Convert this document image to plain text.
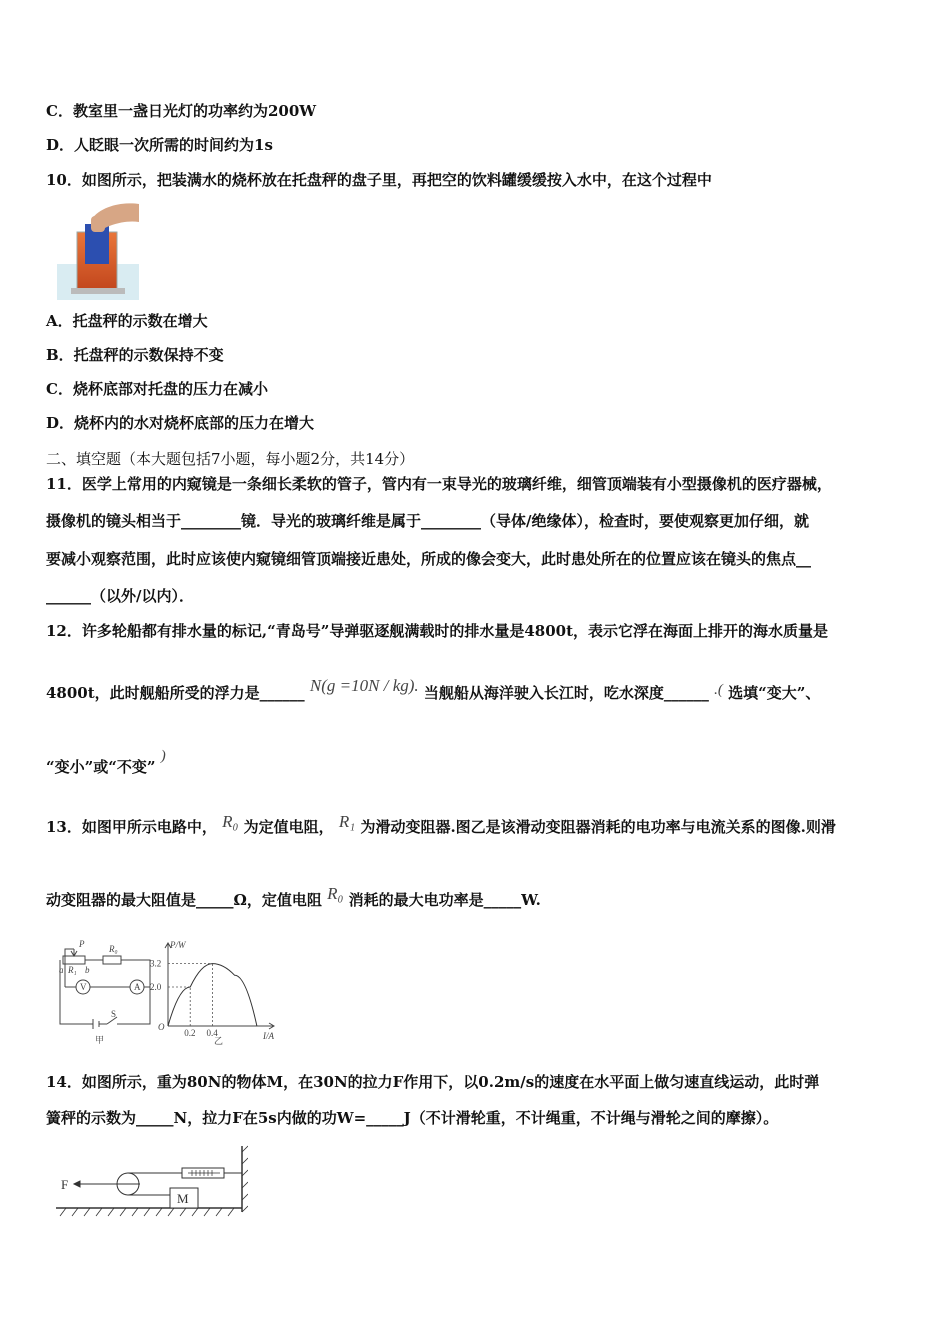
C．教室里一盏日光灯的功率约为200W
D．人眨眼一次所需的时间约为1s
10．如图所示，把装满水的烧杯放在托盘秤的盘子里，再把空的饮料罐缓缓按入水中，在这个过程中
A．托盘秤的示数在增大
B．托盘秤的示数保持不变
C．烧杯底部对托盘的压力在减小
D．烧杯内的水对烧杯底部的压力在增大
二、填空题（本大题包括7小题，每小题2分，共14分）
11．医学上常用的内窥镜是一条细长柔软的管子，管内有一束导光的玻璃纤维，细管顶端装有小型摄像机的医疗器械，
摄像机的镜头相当于________镜．导光的玻璃纤维是属于________（导体/绝缘体），检查时，要使观察更加仔细，就
要减小观察范围，此时应该使内窥镜细管顶端接近患处，所成的像会变大，此时患处所在的位置应该在镜头的焦点__
______（以外/以内）．
12．许多轮船都有排水量的标记,“青岛号”导弹驱逐舰满载时的排水量是4800t，表示它浮在海面上排开的海水质量是
4800t，此时舰船所受的浮力是______ N(g =10N / kg). 当舰船从海洋驶入长江时，吃水深度______ .( 选填“变大”、
“变小”或“不变” )
13．如图甲所示电路中， R₀ 为定值电阻， R₁ 为滑动变阻器.图乙是该滑动变阻器消耗的电功率与电流关系的图像.则滑
动变阻器的最大阻值是_____Ω，定值电阻 R₀ 消耗的最大电功率是_____W.
P	R₀
a R₁ b
V	A
S
甲
P/W
I/A
O
0.2 0.4
2.0
3.2
乙
14．如图所示，重为80N的物体M，在30N的拉力F作用下，以0.2m/s的速度在水平面上做匀速直线运动，此时弹
簧秤的示数为_____N，拉力F在5s内做的功W=_____J（不计滑轮重，不计绳重，不计绳与滑轮之间的摩擦）。
F
M
